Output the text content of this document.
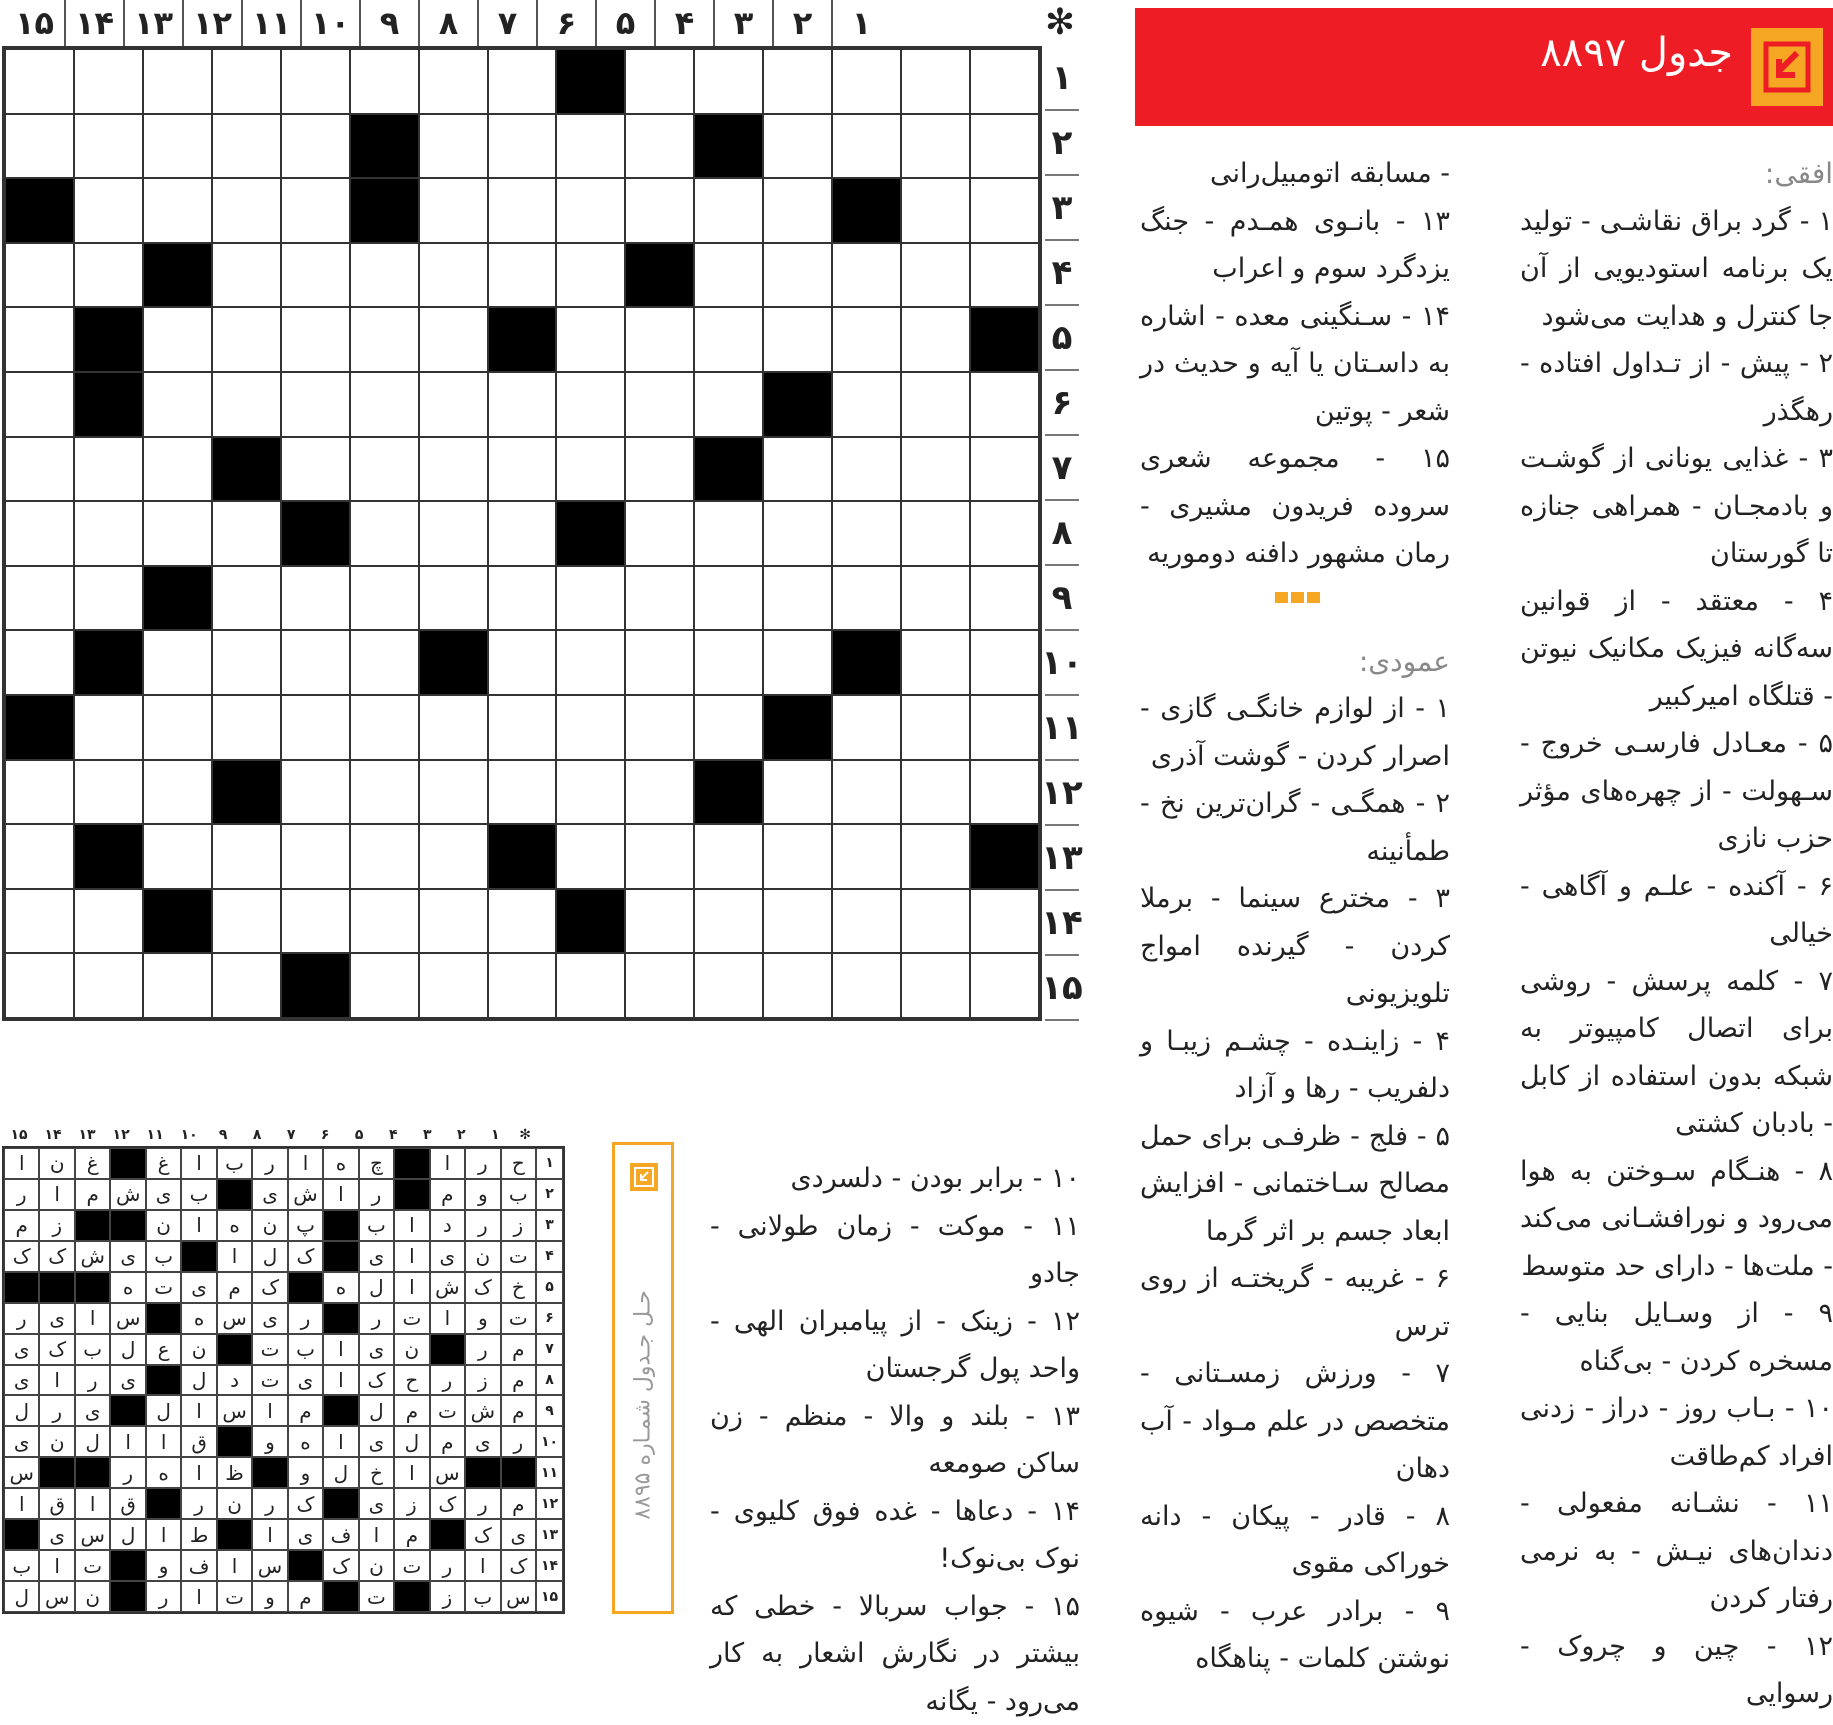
١
٢
٣
۴
۵
۶
٧
٨
٩
١٠
١١
١٢
١٣
١۴
١۵	✻
١
٢
٣
۴
۵
۶
٧
٨
٩
١٠
١١
١٢
١٣
١۴
١۵
جدول ۸۸۹۷

افقی:

١ - گرد براق نقاشـی - تولید یک برنامه استودیویی از آن جا کنترل و هدایت می‌شود

٢ - پیش - از تـداول افتاده - رهگذر

٣ - غذایی یونانی از گوشـت و بادمجـان - همراهی جنازه تا گورستان

۴ - معتقد - از قوانین سه‌گانه فیزیک مکانیک نیوتن - قتلگاه امیرکبیر

۵ - معـادل فارسـی خروج - سـهولت - از چهره‌های مؤثر حزب نازی

۶ - آکنده - علـم و آگاهی - خیالی

٧ - کلمه پرسش - روشی برای اتصال کامپیوتر به شبکه بدون استفاده از کابل - بادبان کشتی

٨ - هنـگام سـوختن به هوا می‌رود و نورافشـانی می‌کند - ملت‌ها - دارای حد متوسط

٩ - از وسـایل بنایی - مسخره کردن - بی‌گناه

١٠ - بـاب روز - دراز - زدنی افراد کم‌طاقت

١١ - نشـانه مفعولی - دندان‌های نیـش - به نرمی رفتار کردن

١٢ - چین و چروک - رسوایی

- مسابقه اتومبیل‌رانی

١٣ - بانـوی همـدم - جنگ یزدگرد سوم و اعراب

١۴ - سـنگینی معده - اشاره به داسـتان یا آیه و حدیث در شعر - پوتین

١۵ - مجموعه شعری سروده فریدون مشیری - رمان مشهور دافنه دوموریه

عمودی:

١ - از لوازم خانگـی گازی - اصرار کردن - گوشت آذری

٢ - همگـی - گران‌ترین نخ - طمأنینه

٣ - مخترع سینما - برملا کردن - گیرنده امواج تلویزیونی

۴ - زاینـده - چشـم زیبـا و دلفریب - رها و آزاد

۵ - فلج - ظرفـی برای حمل مصالح سـاختمانی - افزایش ابعاد جسم بر اثر گرما

۶ - غریبه - گریختـه از روی ترس

٧ - ورزش زمسـتانی - متخصص در علم مـواد - آب دهان

٨ - قادر - پیکان - دانه خوراکی مقوی

٩ - برادر عرب - شیوه نوشتن کلمات - پناهگاه

١٠ - برابر بودن - دلسردی

١١ - موکت - زمان طولانی - جادو

١٢ - زینک - از پیامبران الهی - واحد پول گرجستان

١٣ - بلند و والا - منظم - زن ساکن صومعه

١۴ - دعاها - غده فوق کلیوی - نوک بی‌نوک!

١۵ - جواب سربالا - خطی که بیشتر در نگارش اشعار به کار می‌رود - یگانه

حـل جـدول شمـاره ۸۸۹۵
✻
١
٢
٣
۴
۵
۶
٧
٨
٩
١٠
١١
١٢
١٣
١۴
١۵
١
ح
ر
ا
چ
ه
ا
ر
ب
ا
غ
غ
ن
ا
٢
ب
و
م
ر
ا
ش
ی
ب
ی
ش
م
ا
ر
٣
ز
ر
د
ا
ب
پ
ن
ه
ا
ن
ز
م
۴
ت
ن
ی
ا
ی
ک
ل
ا
ب
ی
ش
ک
ک
۵
خ
ک
ش
ا
ل
ه
ک
م
ی
ت
ه
۶
ت
و
ا
ت
ر
ر
ی
س
ه
س
ا
ی
ر
٧
م
ر
ن
ی
ا
ب
ت
ن
ع
ل
ب
ک
ی
٨
م
ز
ر
ح
ک
ا
ی
ت
د
ل
ی
ر
ا
ی
٩
م
ش
ت
م
ل
م
ا
س
ا
ل
ی
ر
ل
١٠
ر
ی
م
ل
ی
ا
ه
و
ق
ا
ا
ل
ن
ی
١١
س
ا
خ
ل
و
ظ
ا
ه
ر
س
١٢
م
ر
ک
ز
ی
ک
ر
ن
ر
ق
ا
ق
ا
١٣
ی
ک
م
ا
ف
ی
ا
ط
ا
ل
س
ی
١۴
ک
ا
ر
ت
ن
ک
س
ا
ف
و
ت
ا
ب
١۵
س
ب
ز
ت
م
و
ت
ا
ر
ن
س
ل
